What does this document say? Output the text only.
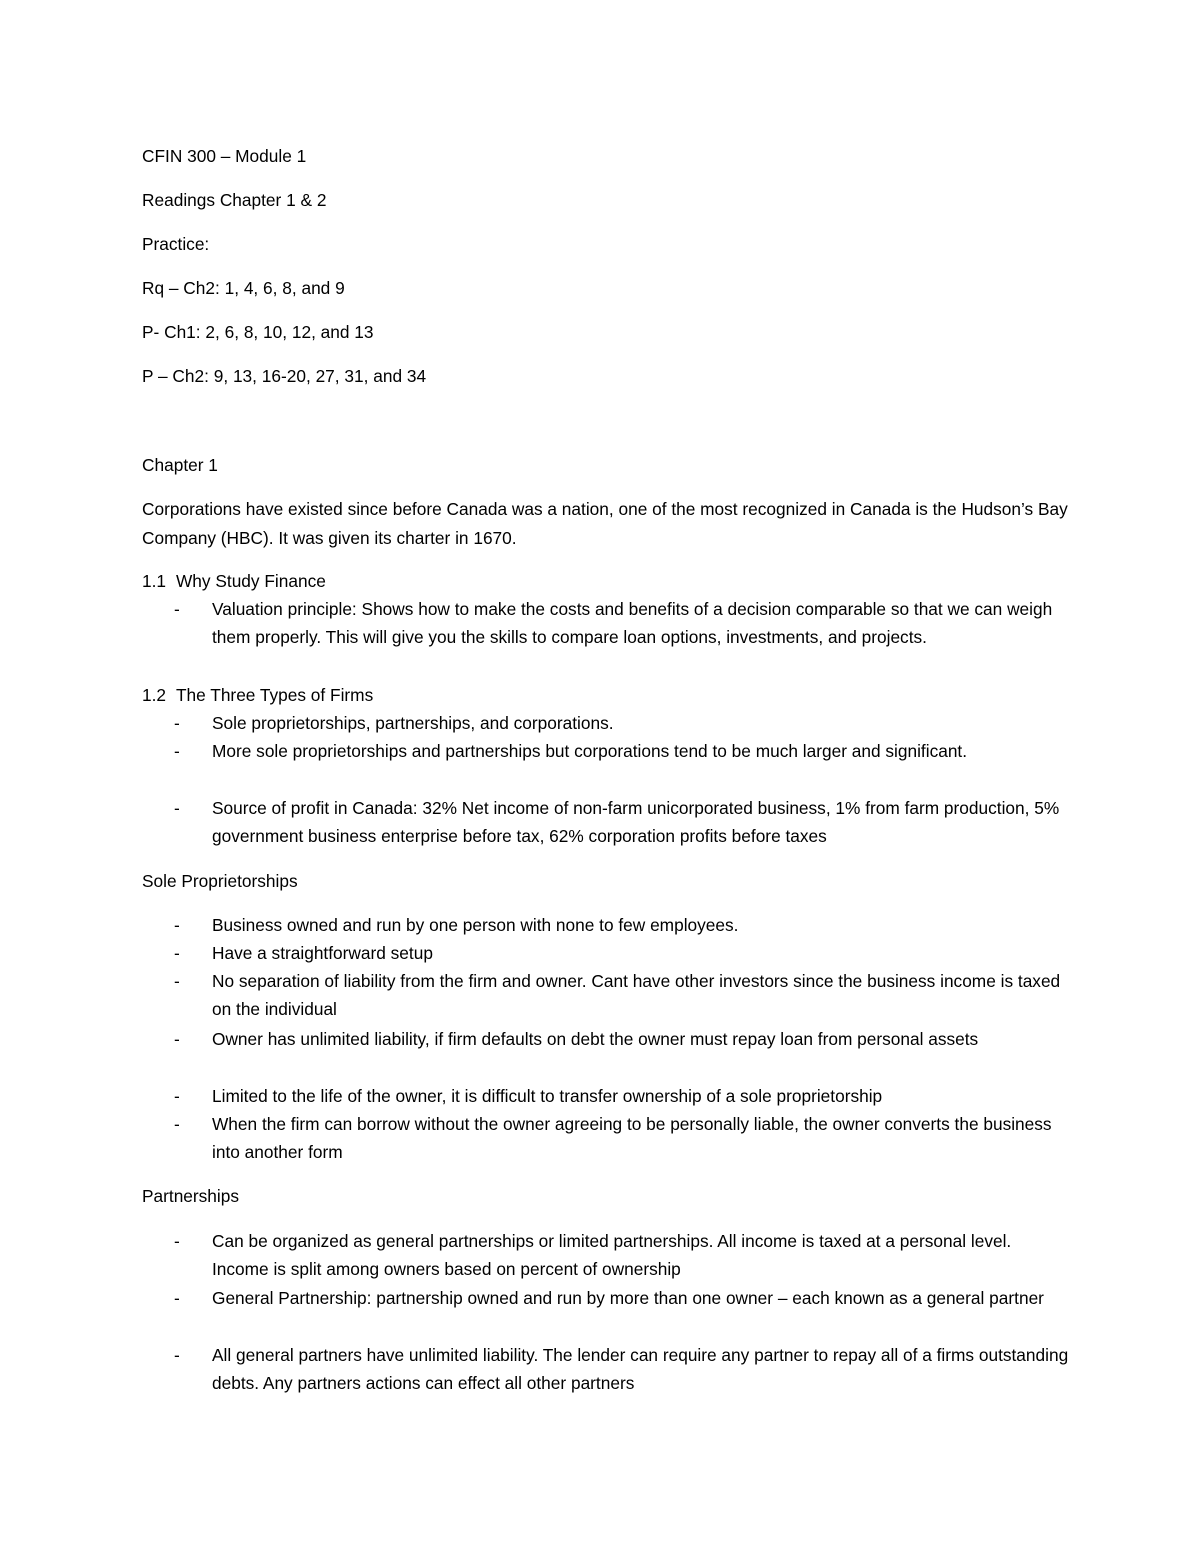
CFIN 300 – Module 1
Readings Chapter 1 & 2
Practice:
Rq – Ch2: 1, 4, 6, 8, and 9
P- Ch1: 2, 6, 8, 10, 12, and 13
P – Ch2: 9, 13, 16-20, 27, 31, and 34
Chapter 1
Corporations have existed since before Canada was a nation, one of the most recognized in Canada is the Hudson’s Bay Company (HBC). It was given its charter in 1670.
1.1 Why Study Finance
- Valuation principle: Shows how to make the costs and benefits of a decision comparable so that we can weigh them properly. This will give you the skills to compare loan options, investments, and projects.
1.2 The Three Types of Firms
- Sole proprietorships, partnerships, and corporations.
- More sole proprietorships and partnerships but corporations tend to be much larger and significant.
- Source of profit in Canada: 32% Net income of non-farm unicorporated business, 1% from farm production, 5% government business enterprise before tax, 62% corporation profits before taxes
Sole Proprietorships
- Business owned and run by one person with none to few employees.
- Have a straightforward setup
- No separation of liability from the firm and owner. Cant have other investors since the business income is taxed on the individual
- Owner has unlimited liability, if firm defaults on debt the owner must repay loan from personal assets
- Limited to the life of the owner, it is difficult to transfer ownership of a sole proprietorship
- When the firm can borrow without the owner agreeing to be personally liable, the owner converts the business into another form
Partnerships
- Can be organized as general partnerships or limited partnerships. All income is taxed at a personal level. Income is split among owners based on percent of ownership
- General Partnership: partnership owned and run by more than one owner – each known as a general partner
- All general partners have unlimited liability. The lender can require any partner to repay all of a firms outstanding debts. Any partners actions can effect all other partners
